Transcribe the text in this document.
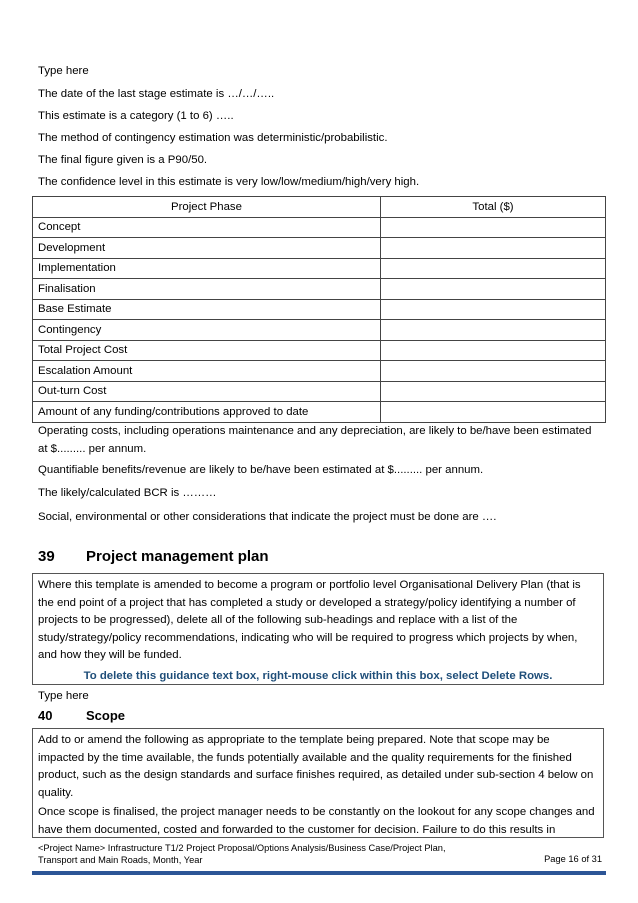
Type here
The date of the last stage estimate is …/…/…..
This estimate is a category (1 to 6) …..
The method of contingency estimation was deterministic/probabilistic.
The final figure given is a P90/50.
The confidence level in this estimate is very low/low/medium/high/very high.
Project Phase	Total ($)
Concept	
Development	
Implementation	
Finalisation	
Base Estimate	
Contingency	
Total Project Cost	
Escalation Amount	
Out-turn Cost	
Amount of any funding/contributions approved to date	
Operating costs, including operations maintenance and any depreciation, are likely to be/have been estimated at $......... per annum.
Quantifiable benefits/revenue are likely to be/have been estimated at $......... per annum.
The likely/calculated BCR is ………
Social, environmental or other considerations that indicate the project must be done are ….
39 Project management plan

Where this template is amended to become a program or portfolio level Organisational Delivery Plan (that is the end point of a project that has completed a study or developed a strategy/policy identifying a number of projects to be progressed), delete all of the following sub-headings and replace with a list of the study/strategy/policy recommendations, indicating who will be required to progress which projects by when, and how they will be funded.

To delete this guidance text box, right-mouse click within this box, select Delete Rows.

Type here
40	Scope

Add to or amend the following as appropriate to the template being prepared. Note that scope may be impacted by the time available, the funds potentially available and the quality requirements for the finished product, such as the design standards and surface finishes required, as detailed under sub-section 4 below on quality.

Once scope is finalised, the project manager needs to be constantly on the lookout for any scope changes and have them documented, costed and forwarded to the customer for decision. Failure to do this results in

<Project Name> Infrastructure T1/2 Project Proposal/Options Analysis/Business Case/Project Plan,
Transport and Main Roads, Month, Year	Page 16 of 31
